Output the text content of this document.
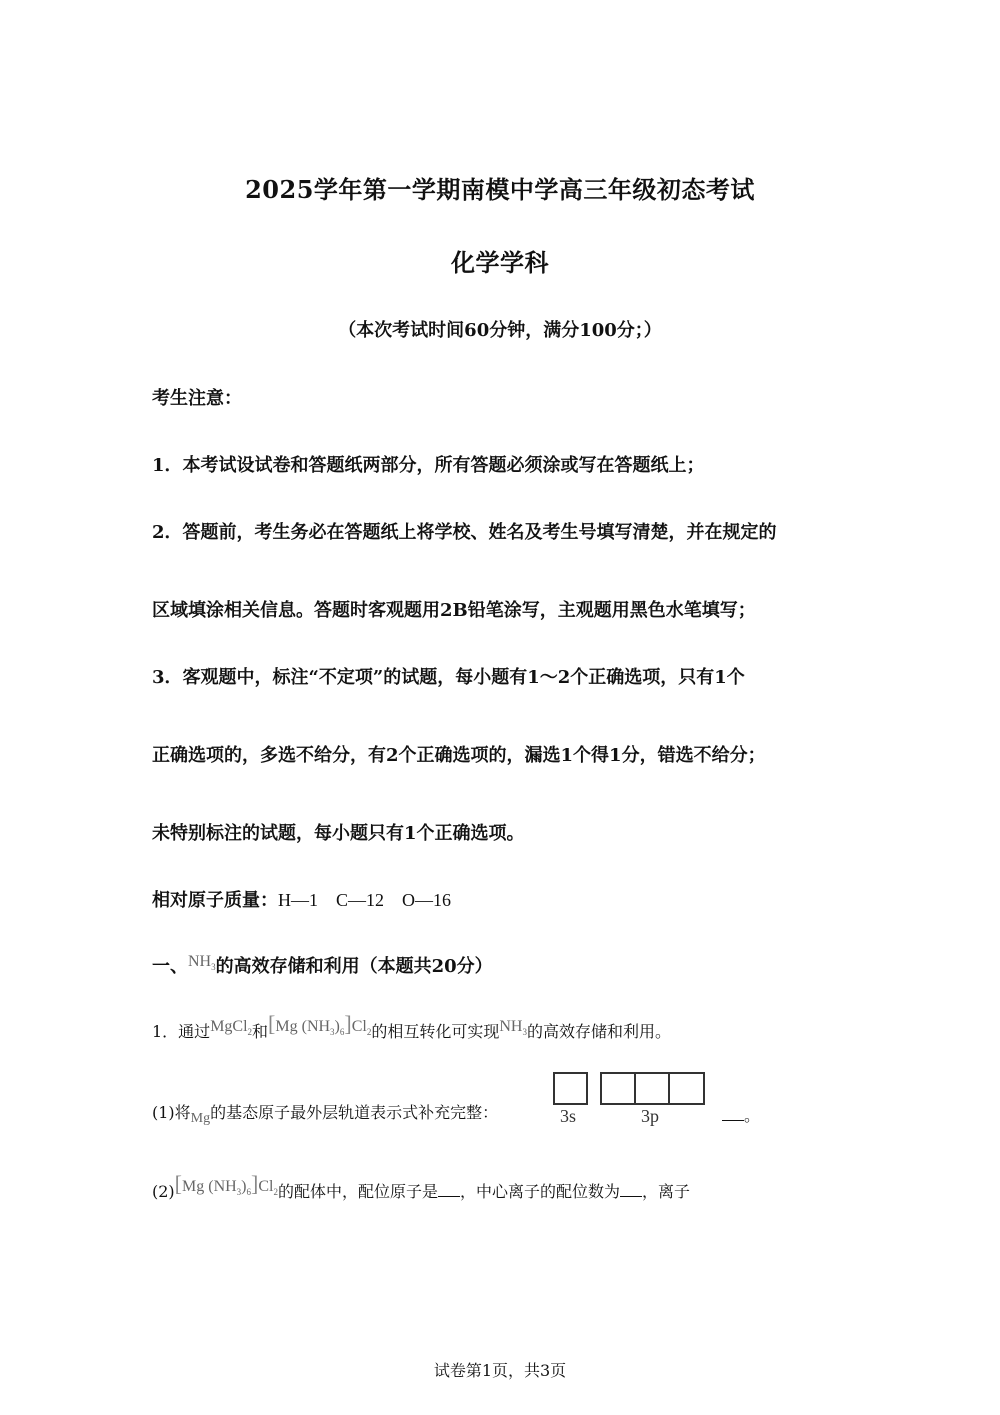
2025学年第一学期南模中学高三年级初态考试
化学学科
（本次考试时间60分钟，满分100分；）
考生注意：
1．本考试设试卷和答题纸两部分，所有答题必须涂或写在答题纸上；
2．答题前，考生务必在答题纸上将学校、姓名及考生号填写清楚，并在规定的
区域填涂相关信息。答题时客观题用2B铅笔涂写，主观题用黑色水笔填写；
3．客观题中，标注“不定项”的试题，每小题有1～2个正确选项，只有1个
正确选项的，多选不给分，有2个正确选项的，漏选1个得1分，错选不给分；
未特别标注的试题，每小题只有1个正确选项。
相对原子质量：H—1　C—12　O—16
一、$NH_3$的高效存储和利用（本题共20分）
1．通过MgCl$_2$和[Mg $(NH_3)_6]Cl_2$的相互转化可实现$NH_3$的高效存储和利用。
(1)将Mg的基态原子最外层轨道表示式补充完整：	3s	3p	。
(2)[Mg $(NH_3)_6]Cl_2$的配体中，配位原子是 ，中心离子的配位数为 ，离子
试卷第1页，共3页
